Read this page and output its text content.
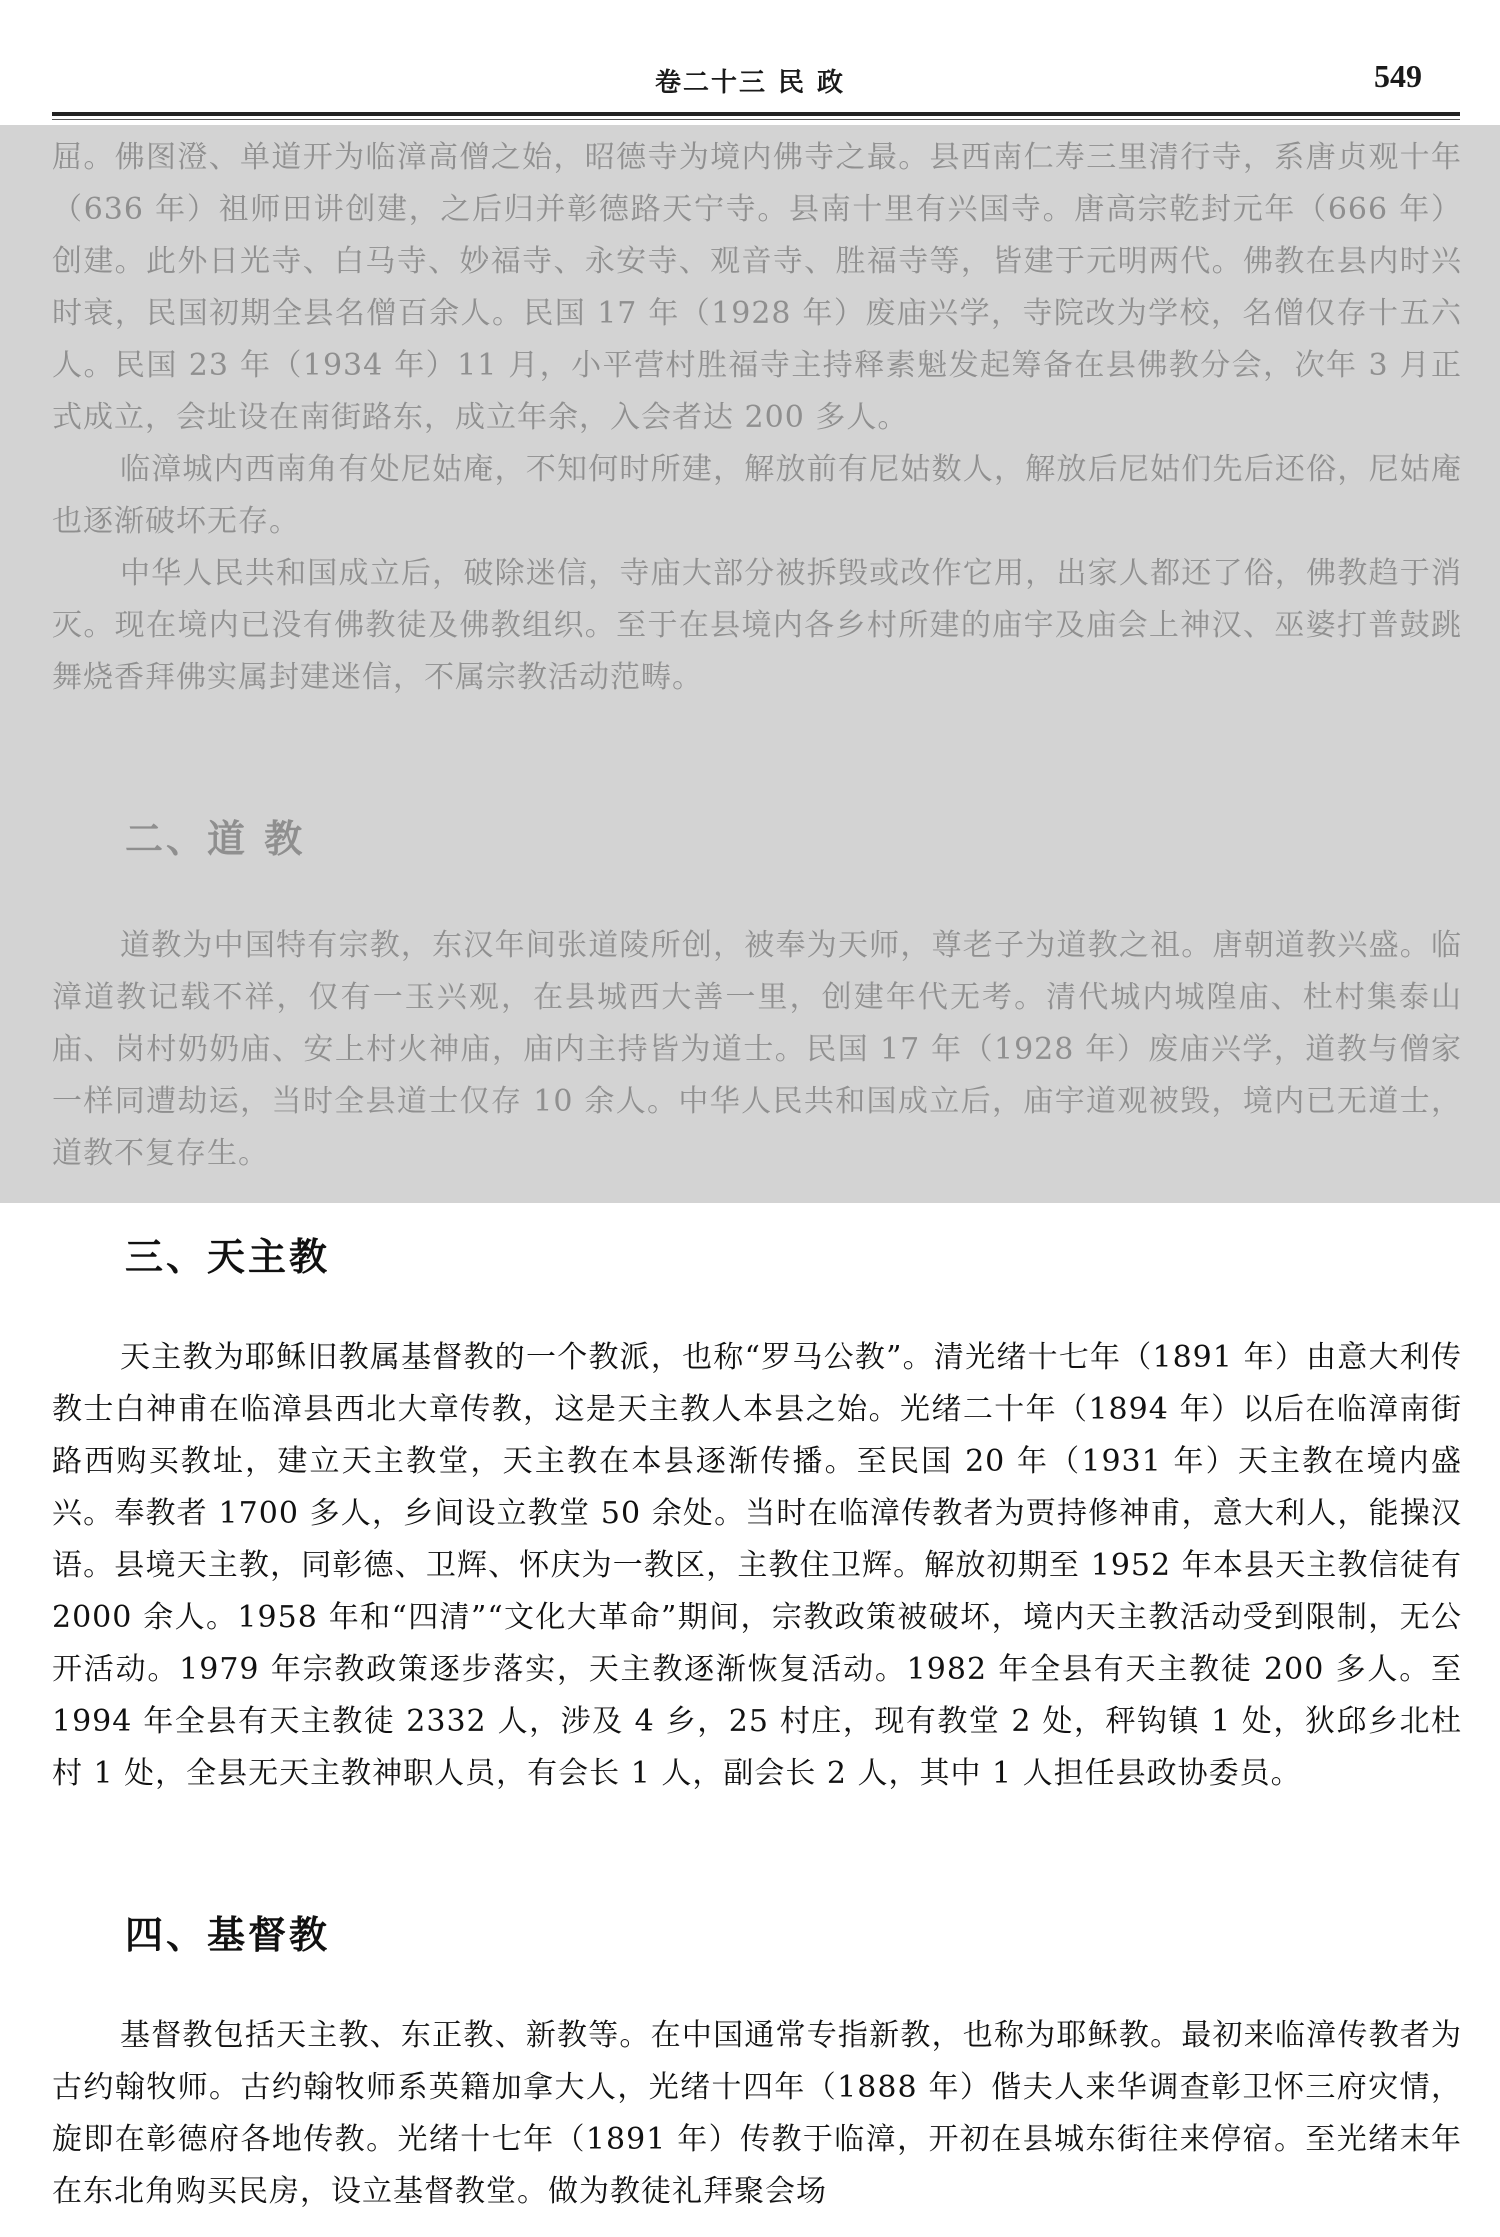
卷二十三 民 政	549

屈。佛图澄、单道开为临漳高僧之始，昭德寺为境内佛寺之最。县西南仁寿三里清行寺，系唐贞观十年（636 年）祖师田讲创建，之后归并彰德路天宁寺。县南十里有兴国寺。唐高宗乾封元年（666 年）创建。此外日光寺、白马寺、妙福寺、永安寺、观音寺、胜福寺等，皆建于元明两代。佛教在县内时兴时衰，民国初期全县名僧百余人。民国 17 年（1928 年）废庙兴学，寺院改为学校，名僧仅存十五六人。民国 23 年（1934 年）11 月，小平营村胜福寺主持释素魁发起筹备在县佛教分会，次年 3 月正式成立，会址设在南街路东，成立年余，入会者达 200 多人。

临漳城内西南角有处尼姑庵，不知何时所建，解放前有尼姑数人，解放后尼姑们先后还俗，尼姑庵也逐渐破坏无存。

中华人民共和国成立后，破除迷信，寺庙大部分被拆毁或改作它用，出家人都还了俗，佛教趋于消灭。现在境内已没有佛教徒及佛教组织。至于在县境内各乡村所建的庙宇及庙会上神汉、巫婆打普鼓跳舞烧香拜佛实属封建迷信，不属宗教活动范畴。

二、道 教

道教为中国特有宗教，东汉年间张道陵所创，被奉为天师，尊老子为道教之祖。唐朝道教兴盛。临漳道教记载不祥，仅有一玉兴观，在县城西大善一里，创建年代无考。清代城内城隍庙、杜村集泰山庙、岗村奶奶庙、安上村火神庙，庙内主持皆为道士。民国 17 年（1928 年）废庙兴学，道教与僧家一样同遭劫运，当时全县道士仅存 10 余人。中华人民共和国成立后，庙宇道观被毁，境内已无道士，道教不复存生。

三、天主教

天主教为耶稣旧教属基督教的一个教派，也称“罗马公教”。清光绪十七年（1891 年）由意大利传教士白神甫在临漳县西北大章传教，这是天主教人本县之始。光绪二十年（1894 年）以后在临漳南街路西购买教址，建立天主教堂，天主教在本县逐渐传播。至民国 20 年（1931 年）天主教在境内盛兴。奉教者 1700 多人，乡间设立教堂 50 余处。当时在临漳传教者为贾持修神甫，意大利人，能操汉语。县境天主教，同彰德、卫辉、怀庆为一教区，主教住卫辉。解放初期至 1952 年本县天主教信徒有 2000 余人。1958 年和“四清”“文化大革命”期间，宗教政策被破坏，境内天主教活动受到限制，无公开活动。1979 年宗教政策逐步落实，天主教逐渐恢复活动。1982 年全县有天主教徒 200 多人。至 1994 年全县有天主教徒 2332 人，涉及 4 乡，25 村庄，现有教堂 2 处，秤钩镇 1 处，狄邱乡北杜村 1 处，全县无天主教神职人员，有会长 1 人，副会长 2 人，其中 1 人担任县政协委员。

四、基督教

基督教包括天主教、东正教、新教等。在中国通常专指新教，也称为耶稣教。最初来临漳传教者为古约翰牧师。古约翰牧师系英籍加拿大人，光绪十四年（1888 年）偕夫人来华调查彰卫怀三府灾情，旋即在彰德府各地传教。光绪十七年（1891 年）传教于临漳，开初在县城东街往来停宿。至光绪末年在东北角购买民房，设立基督教堂。做为教徒礼拜聚会场
